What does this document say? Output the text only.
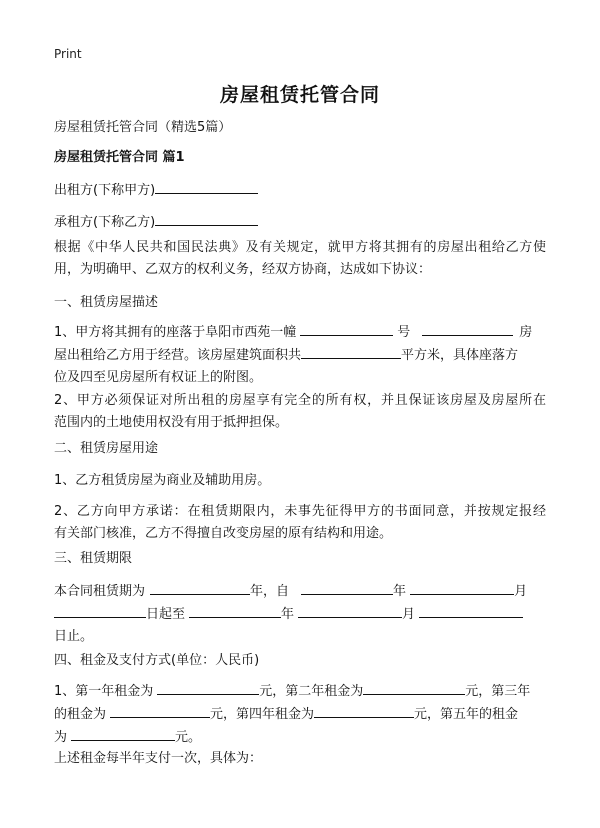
Print
房屋租赁托管合同
房屋租赁托管合同（精选5篇）
房屋租赁托管合同 篇1
出租方(下称甲方)
承租方(下称乙方)
根据《中华人民共和国民法典》及有关规定，就甲方将其拥有的房屋出租给乙方使
用，为明确甲、乙双方的权利义务，经双方协商，达成如下协议：
一、租赁房屋描述
1、甲方将其拥有的座落于阜阳市西苑一幢	号	房
屋出租给乙方用于经营。该房屋建筑面积共	平方米，具体座落方
位及四至见房屋所有权证上的附图。
2、甲方必须保证对所出租的房屋享有完全的所有权，并且保证该房屋及房屋所在
范围内的土地使用权没有用于抵押担保。
二、租赁房屋用途
1、乙方租赁房屋为商业及辅助用房。
2、乙方向甲方承诺：在租赁期限内，未事先征得甲方的书面同意，并按规定报经
有关部门核准，乙方不得擅自改变房屋的原有结构和用途。
三、租赁期限
本合同租赁期为	年，自	年	月
日起至	年	月
日止。
四、租金及支付方式(单位：人民币)
1、第一年租金为	元，第二年租金为	元，第三年
的租金为	元，第四年租金为	元，第五年的租金
为	元。
上述租金每半年支付一次，具体为：
